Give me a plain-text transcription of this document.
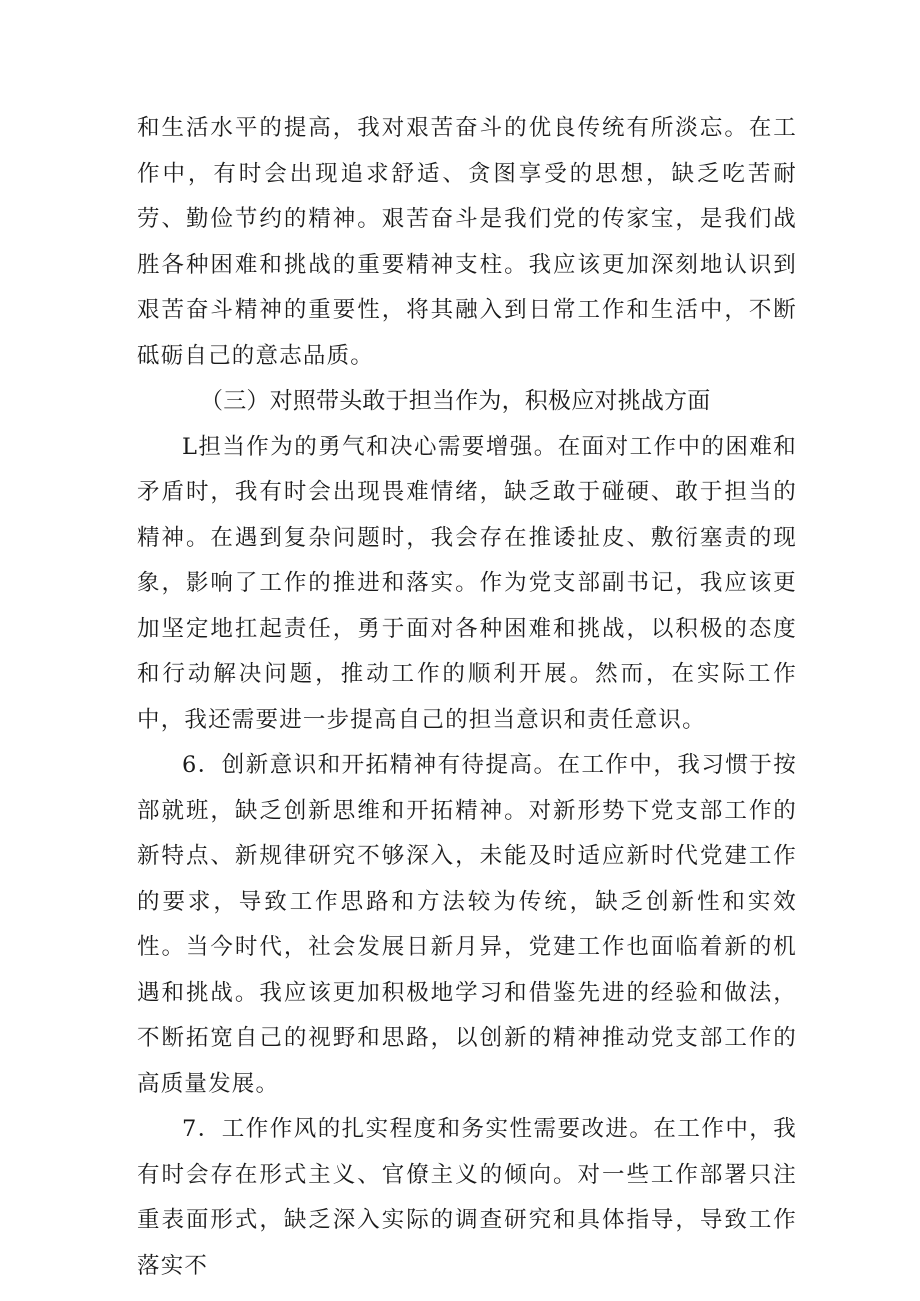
和生活水平的提高，我对艰苦奋斗的优良传统有所淡忘。在工作中，有时会出现追求舒适、贪图享受的思想，缺乏吃苦耐劳、勤俭节约的精神。艰苦奋斗是我们党的传家宝，是我们战胜各种困难和挑战的重要精神支柱。我应该更加深刻地认识到艰苦奋斗精神的重要性，将其融入到日常工作和生活中，不断砥砺自己的意志品质。

（三）对照带头敢于担当作为，积极应对挑战方面

L担当作为的勇气和决心需要增强。在面对工作中的困难和矛盾时，我有时会出现畏难情绪，缺乏敢于碰硬、敢于担当的精神。在遇到复杂问题时，我会存在推诿扯皮、敷衍塞责的现象，影响了工作的推进和落实。作为党支部副书记，我应该更加坚定地扛起责任，勇于面对各种困难和挑战，以积极的态度和行动解决问题，推动工作的顺利开展。然而，在实际工作中，我还需要进一步提高自己的担当意识和责任意识。

6．创新意识和开拓精神有待提高。在工作中，我习惯于按部就班，缺乏创新思维和开拓精神。对新形势下党支部工作的新特点、新规律研究不够深入，未能及时适应新时代党建工作的要求，导致工作思路和方法较为传统，缺乏创新性和实效性。当今时代，社会发展日新月异，党建工作也面临着新的机遇和挑战。我应该更加积极地学习和借鉴先进的经验和做法，不断拓宽自己的视野和思路，以创新的精神推动党支部工作的高质量发展。

7．工作作风的扎实程度和务实性需要改进。在工作中，我有时会存在形式主义、官僚主义的倾向。对一些工作部署只注重表面形式，缺乏深入实际的调查研究和具体指导，导致工作落实不
